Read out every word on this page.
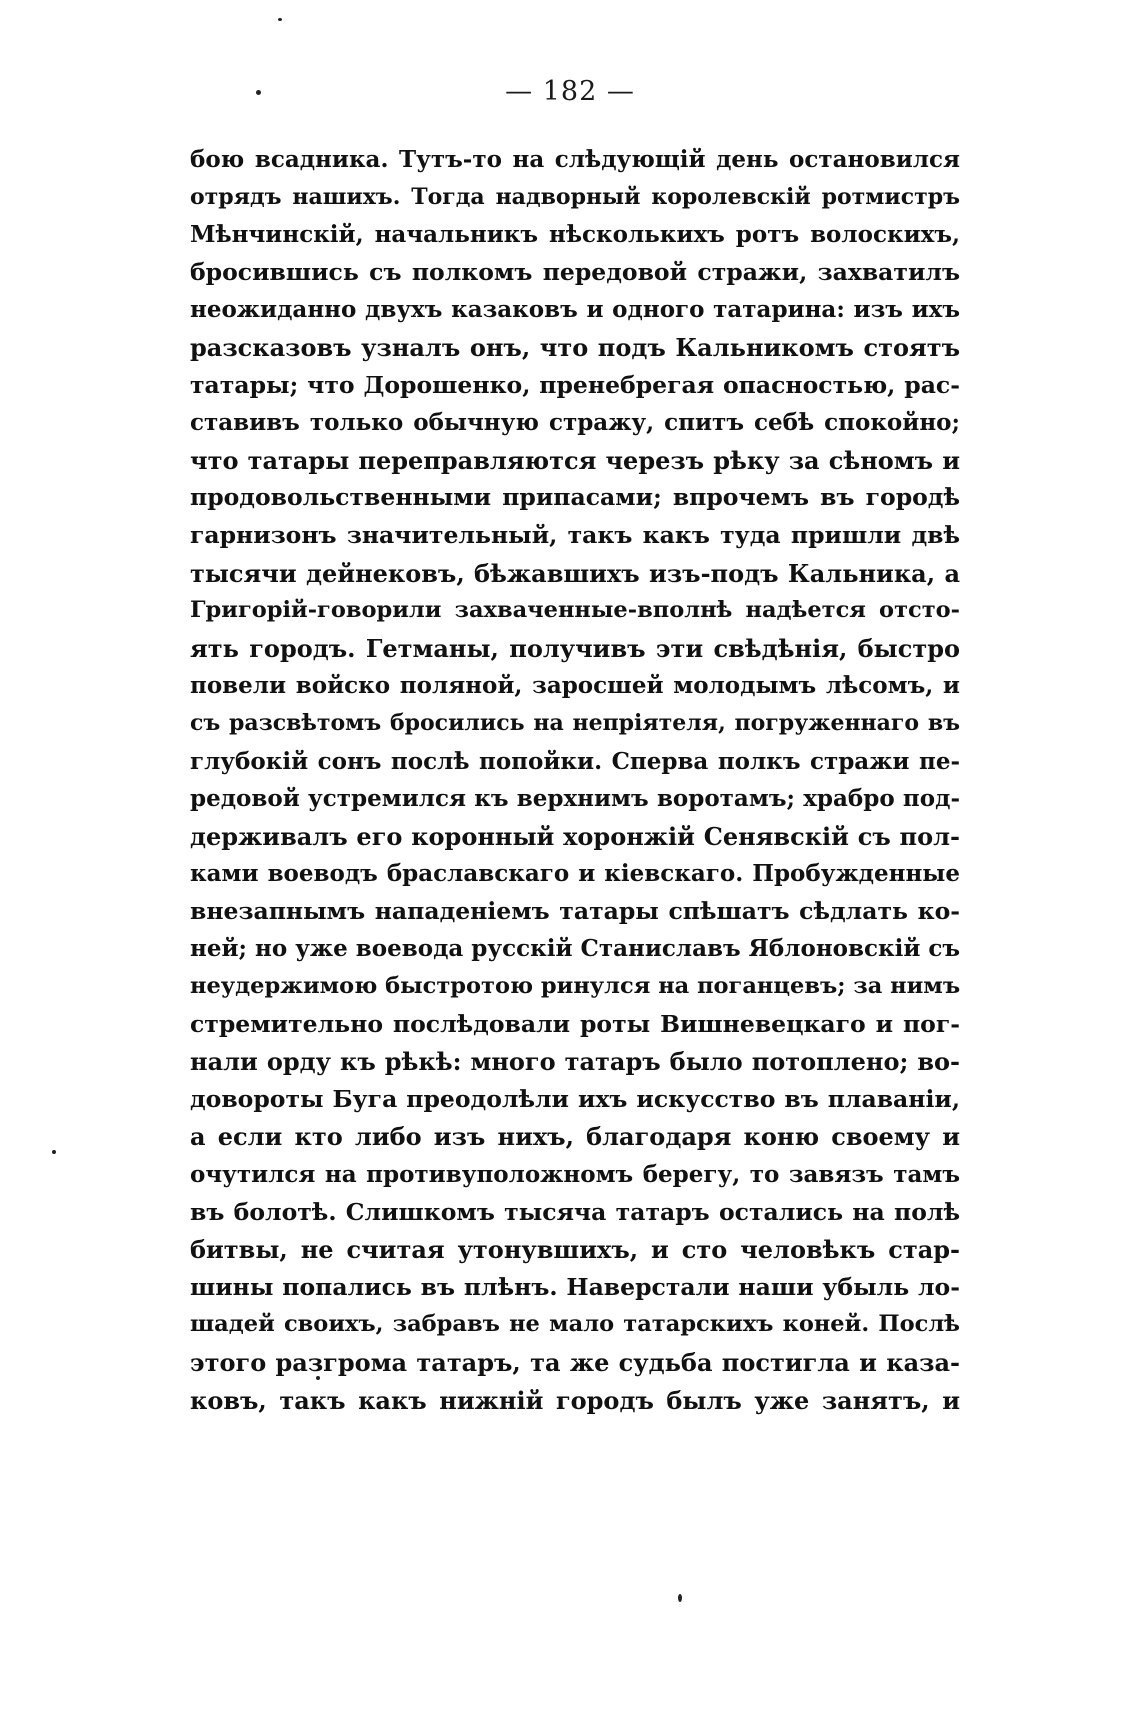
— 182 —
бою всадника. Тутъ-то на слѣдующій день остановился
отрядъ нашихъ. Тогда надворный королевскій ротмистръ
Мѣнчинскій, начальникъ нѣсколькихъ ротъ волоскихъ,
бросившись съ полкомъ передовой стражи, захватилъ
неожиданно двухъ казаковъ и одного татарина: изъ ихъ
разсказовъ узналъ онъ, что подъ Кальникомъ стоятъ
татары; что Дорошенко, пренебрегая опасностью, рас-
ставивъ только обычную стражу, спитъ себѣ спокойно;
что татары переправляются черезъ рѣку за сѣномъ и
продовольственными припасами; впрочемъ въ городѣ
гарнизонъ значительный, такъ какъ туда пришли двѣ
тысячи дейнековъ, бѣжавшихъ изъ-подъ Кальника, а
Григорій-говорили захваченные-вполнѣ надѣется отсто-
ять городъ. Гетманы, получивъ эти свѣдѣнія, быстро
повели войско поляной, заросшей молодымъ лѣсомъ, и
съ разсвѣтомъ бросились на непріятеля, погруженнаго въ
глубокій сонъ послѣ попойки. Сперва полкъ стражи пе-
редовой устремился къ верхнимъ воротамъ; храбро под-
держивалъ его коронный хоронжій Сенявскій съ пол-
ками воеводъ браславскаго и кіевскаго. Пробужденные
внезапнымъ нападеніемъ татары спѣшатъ сѣдлать ко-
ней; но уже воевода русскій Станиславъ Яблоновскій съ
неудержимою быстротою ринулся на поганцевъ; за нимъ
стремительно послѣдовали роты Вишневецкаго и пог-
нали орду къ рѣкѣ: много татаръ было потоплено; во-
довороты Буга преодолѣли ихъ искусство въ плаваніи,
а если кто либо изъ нихъ, благодаря коню своему и
очутился на противуположномъ берегу, то завязъ тамъ
въ болотѣ. Слишкомъ тысяча татаръ остались на полѣ
битвы, не считая утонувшихъ, и сто человѣкъ стар-
шины попались въ плѣнъ. Наверстали наши убыль ло-
шадей своихъ, забравъ не мало татарскихъ коней. Послѣ
этого разгрома татаръ, та же судьба постигла и каза-
ковъ, такъ какъ нижній городъ былъ уже занятъ, и
